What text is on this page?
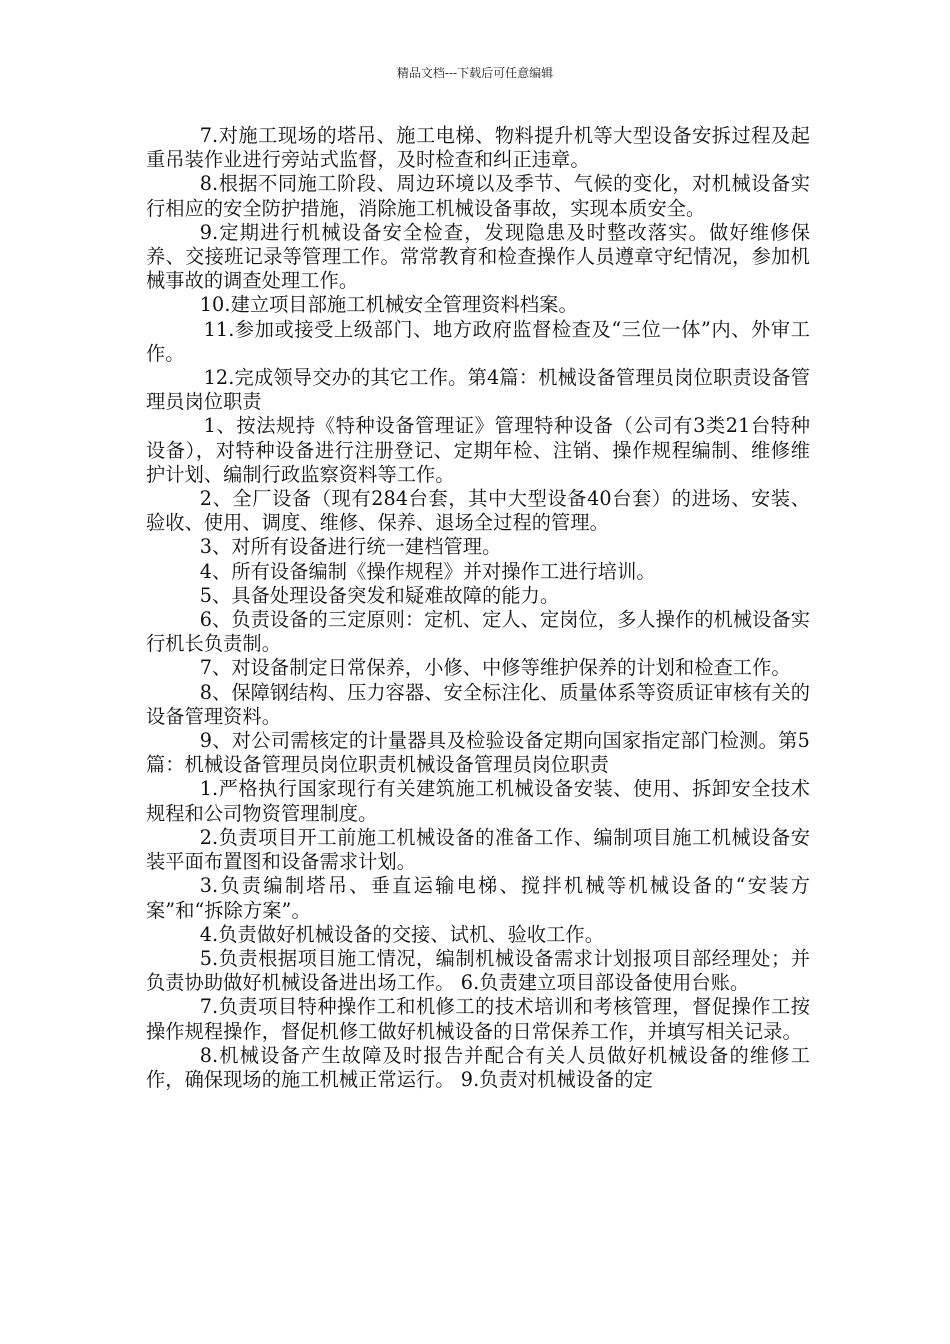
精品文档---下载后可任意编辑

7.对施工现场的塔吊、施工电梯、物料提升机等大型设备安拆过程及起重吊装作业进行旁站式监督，及时检查和纠正违章。

8.根据不同施工阶段、周边环境以及季节、气候的变化，对机械设备实行相应的安全防护措施，消除施工机械设备事故，实现本质安全。

9.定期进行机械设备安全检查，发现隐患及时整改落实。做好维修保养、交接班记录等管理工作。常常教育和检查操作人员遵章守纪情况，参加机械事故的调查处理工作。

10.建立项目部施工机械安全管理资料档案。

11.参加或接受上级部门、地方政府监督检查及“三位一体”内、外审工作。

12.完成领导交办的其它工作。第4篇：机械设备管理员岗位职责设备管理员岗位职责

1、按法规持《特种设备管理证》管理特种设备（公司有3类21台特种设备），对特种设备进行注册登记、定期年检、注销、操作规程编制、维修维护计划、编制行政监察资料等工作。

2、全厂设备（现有284台套，其中大型设备40台套）的进场、安装、验收、使用、调度、维修、保养、退场全过程的管理。

3、对所有设备进行统一建档管理。

4、所有设备编制《操作规程》并对操作工进行培训。

5、具备处理设备突发和疑难故障的能力。

6、负责设备的三定原则：定机、定人、定岗位，多人操作的机械设备实行机长负责制。

7、对设备制定日常保养，小修、中修等维护保养的计划和检查工作。

8、保障钢结构、压力容器、安全标注化、质量体系等资质证审核有关的设备管理资料。

9、对公司需核定的计量器具及检验设备定期向国家指定部门检测。第5篇：机械设备管理员岗位职责机械设备管理员岗位职责

1.严格执行国家现行有关建筑施工机械设备安装、使用、拆卸安全技术规程和公司物资管理制度。

2.负责项目开工前施工机械设备的准备工作、编制项目施工机械设备安装平面布置图和设备需求计划。

3.负责编制塔吊、垂直运输电梯、搅拌机械等机械设备的“安装方案”和“拆除方案”。

4.负责做好机械设备的交接、试机、验收工作。

5.负责根据项目施工情况，编制机械设备需求计划报项目部经理处；并负责协助做好机械设备进出场工作。 6.负责建立项目部设备使用台账。

7.负责项目特种操作工和机修工的技术培训和考核管理，督促操作工按操作规程操作，督促机修工做好机械设备的日常保养工作，并填写相关记录。

8.机械设备产生故障及时报告并配合有关人员做好机械设备的维修工作，确保现场的施工机械正常运行。 9.负责对机械设备的定
